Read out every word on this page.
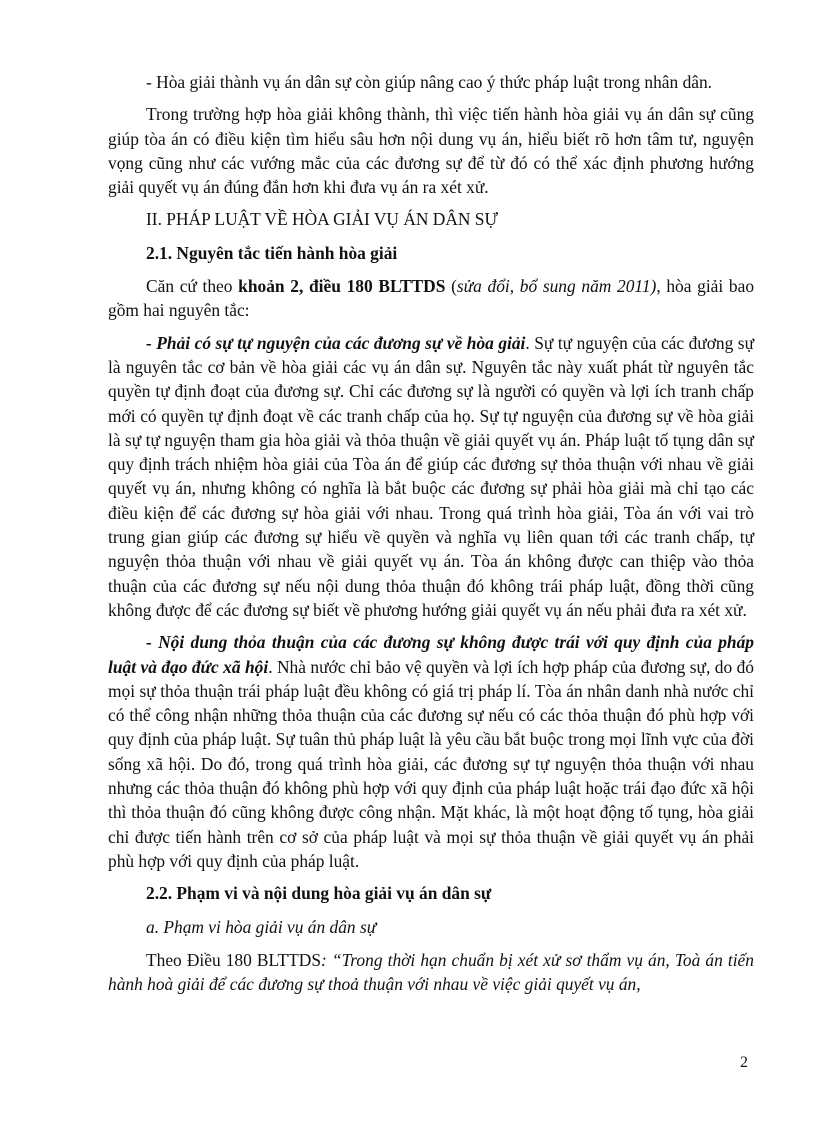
- Hòa giải thành vụ án dân sự còn giúp nâng cao ý thức pháp luật trong nhân dân.

Trong trường hợp hòa giải không thành, thì việc tiến hành hòa giải vụ án dân sự cũng giúp tòa án có điều kiện tìm hiểu sâu hơn nội dung vụ án, hiểu biết rõ hơn tâm tư, nguyện vọng cũng như các vướng mắc của các đương sự để từ đó có thể xác định phương hướng giải quyết vụ án đúng đắn hơn khi đưa vụ án ra xét xử.

II. PHÁP LUẬT VỀ HÒA GIẢI VỤ ÁN DÂN SỰ

2.1. Nguyên tắc tiến hành hòa giải

Căn cứ theo khoản 2, điều 180 BLTTDS (sửa đổi, bổ sung năm 2011), hòa giải bao gồm hai nguyên tắc:

- Phải có sự tự nguyện của các đương sự về hòa giải. Sự tự nguyện của các đương sự là nguyên tắc cơ bản về hòa giải các vụ án dân sự. Nguyên tắc này xuất phát từ nguyên tắc quyền tự định đoạt của đương sự. Chỉ các đương sự là người có quyền và lợi ích tranh chấp mới có quyền tự định đoạt về các tranh chấp của họ. Sự tự nguyện của đương sự về hòa giải là sự tự nguyện tham gia hòa giải và thỏa thuận về giải quyết vụ án. Pháp luật tố tụng dân sự quy định trách nhiệm hòa giải của Tòa án để giúp các đương sự thỏa thuận với nhau về giải quyết vụ án, nhưng không có nghĩa là bắt buộc các đương sự phải hòa giải mà chỉ tạo các điều kiện để các đương sự hòa giải với nhau. Trong quá trình hòa giải, Tòa án với vai trò trung gian giúp các đương sự hiểu về quyền và nghĩa vụ liên quan tới các tranh chấp, tự nguyện thỏa thuận với nhau về giải quyết vụ án. Tòa án không được can thiệp vào thỏa thuận của các đương sự nếu nội dung thỏa thuận đó không trái pháp luật, đồng thời cũng không được để các đương sự biết về phương hướng giải quyết vụ án nếu phải đưa ra xét xử.

- Nội dung thỏa thuận của các đương sự không được trái với quy định của pháp luật và đạo đức xã hội. Nhà nước chỉ bảo vệ quyền và lợi ích hợp pháp của đương sự, do đó mọi sự thỏa thuận trái pháp luật đều không có giá trị pháp lí. Tòa án nhân danh nhà nước chỉ có thể công nhận những thỏa thuận của các đương sự nếu có các thỏa thuận đó phù hợp với quy định của pháp luật. Sự tuân thủ pháp luật là yêu cầu bắt buộc trong mọi lĩnh vực của đời sống xã hội. Do đó, trong quá trình hòa giải, các đương sự tự nguyện thỏa thuận với nhau nhưng các thỏa thuận đó không phù hợp với quy định của pháp luật hoặc trái đạo đức xã hội thì thỏa thuận đó cũng không được công nhận. Mặt khác, là một hoạt động tố tụng, hòa giải chỉ được tiến hành trên cơ sở của pháp luật và mọi sự thỏa thuận về giải quyết vụ án phải phù hợp với quy định của pháp luật.

2.2. Phạm vi và nội dung hòa giải vụ án dân sự

a. Phạm vi hòa giải vụ án dân sự

Theo Điều 180 BLTTDS: “Trong thời hạn chuẩn bị xét xử sơ thẩm vụ án, Toà án tiến hành hoà giải để các đương sự thoả thuận với nhau về việc giải quyết vụ án,

2
